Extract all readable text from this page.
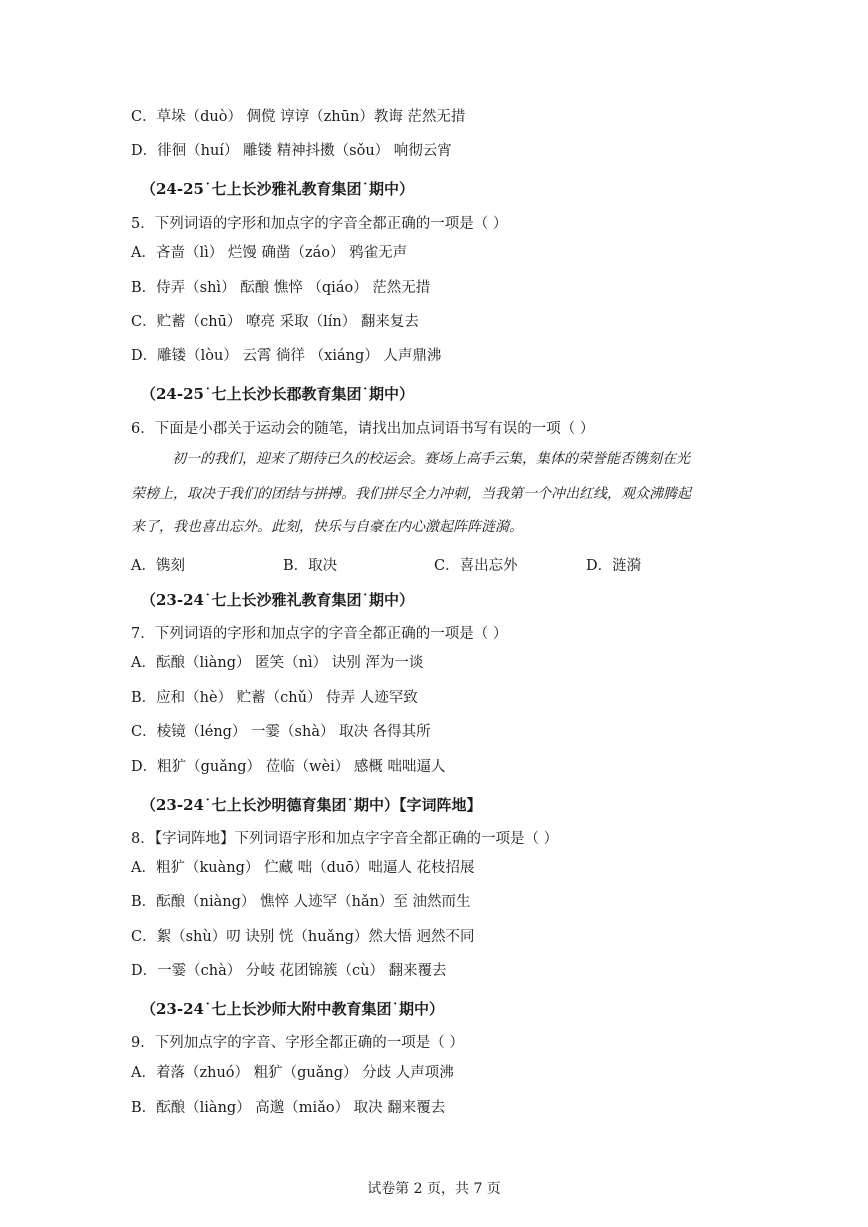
C．草垛（duò） 倜傥 谆谆（zhūn）教诲 茫然无措
D．徘徊（huí） 雕镂 精神抖擞（sǒu） 响彻云宵
（24-25˙七上长沙雅礼教育集团˙期中）
5．下列词语的字形和加点字的字音全都正确的一项是（ ）
A．吝啬（lì） 烂馒 确凿（záo） 鸦雀无声
B．侍弄（shì） 酝酿 憔悴 （qiáo） 茫然无措
C．贮蓄（chū） 嘹亮 采取（lín） 翻来复去
D．雕镂（lòu） 云霄 徜徉 （xiáng） 人声鼎沸
（24-25˙七上长沙长郡教育集团˙期中）
6．下面是小郡关于运动会的随笔，请找出加点词语书写有误的一项（ ）
初一的我们，迎来了期待已久的校运会。赛场上高手云集，集体的荣誉能否镌刻在光
荣榜上，取决于我们的团结与拼搏。我们拼尽全力冲刺，当我第一个冲出红线，观众沸腾起
来了，我也喜出忘外。此刻，快乐与自豪在内心激起阵阵涟漪。
A．镌刻	B．取决	C．喜出忘外	D．涟漪
（23-24˙七上长沙雅礼教育集团˙期中）
7．下列词语的字形和加点字的字音全都正确的一项是（ ）
A．酝酿（liàng） 匿笑（nì） 诀别 浑为一谈
B．应和（hè） 贮蓄（chǔ） 侍弄 人迹罕致
C．棱镜（léng） 一霎（shà） 取决 各得其所
D．粗犷（guǎng） 莅临（wèi） 感概 咄咄逼人
（23-24˙七上长沙明德育集团˙期中）【字词阵地】
8．【字词阵地】下列词语字形和加点字字音全都正确的一项是（ ）
A．粗犷（kuàng） 伫藏 咄（duō）咄逼人 花枝招展
B．酝酿（niàng） 憔悴 人迹罕（hǎn）至 油然而生
C．絮（shù）叨 诀别 恍（huǎng）然大悟 迥然不同
D．一霎（chà） 分岐 花团锦簇（cù） 翻来覆去
（23-24˙七上长沙师大附中教育集团˙期中）
9．下列加点字的字音、字形全都正确的一项是（ ）
A．着落（zhuó） 粗犷（guǎng） 分歧 人声项沸
B．酝酿（liàng） 高邈（miǎo） 取决 翻来覆去
试卷第 2 页，共 7 页
